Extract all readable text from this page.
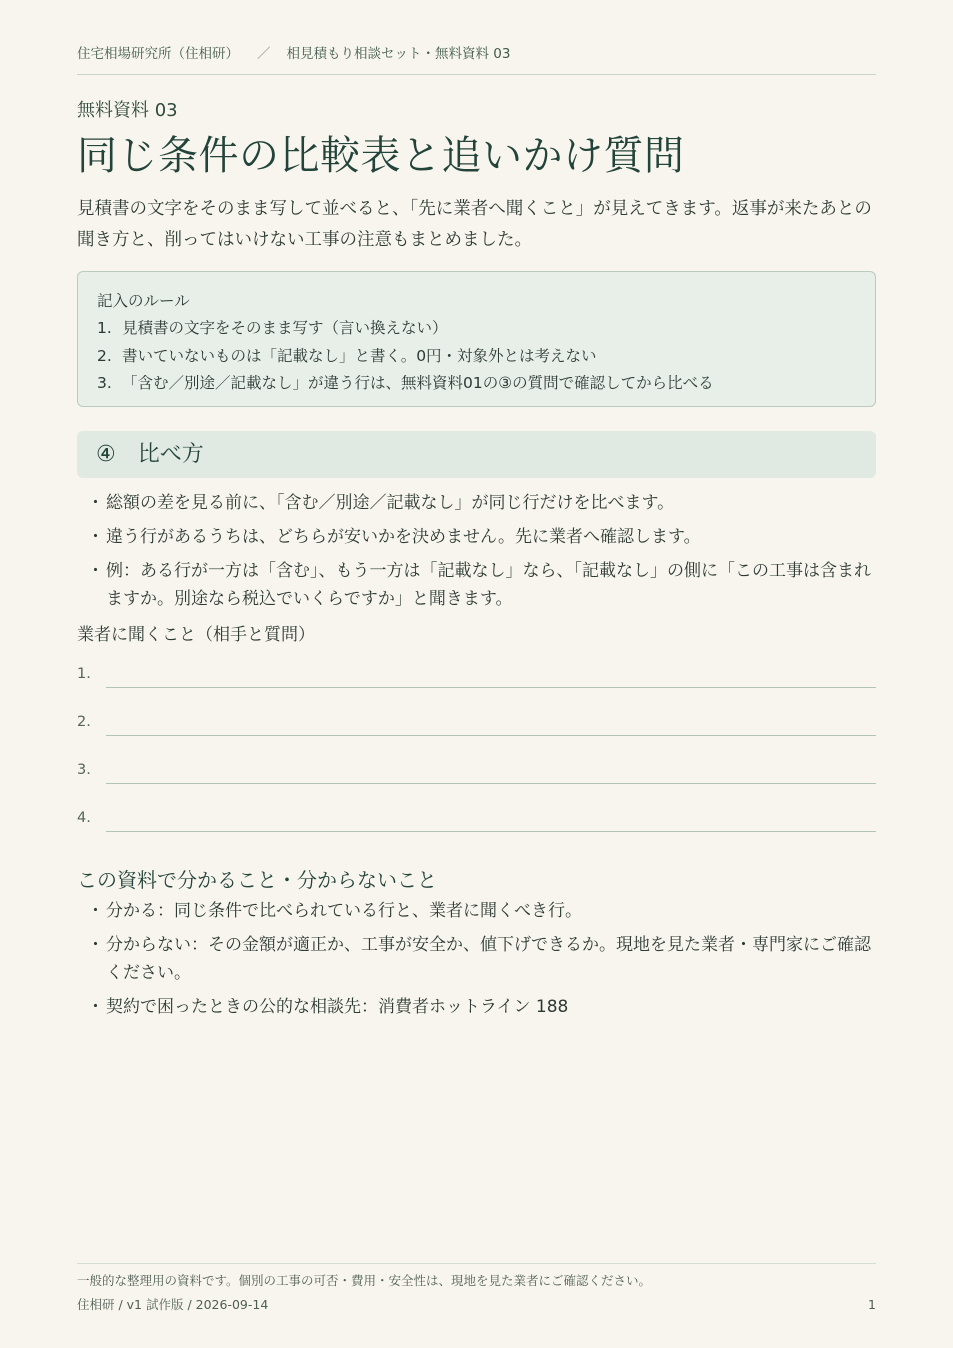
住宅相場研究所（住相研） ／ 相見積もり相談セット・無料資料 03
無料資料 03
同じ条件の比較表と追いかけ質問

見積書の文字をそのまま写して並べると、「先に業者へ聞くこと」が見えてきます。返事が来たあとの聞き方と、削ってはいけない工事の注意もまとめました。

記入のルール
1. 見積書の文字をそのまま写す（言い換えない）
2. 書いていないものは「記載なし」と書く。0円・対象外とは考えない
3. 「含む／別途／記載なし」が違う行は、無料資料01の③の質問で確認してから比べる
④ 比べ方
・ 総額の差を見る前に、「含む／別途／記載なし」が同じ行だけを比べます。
・ 違う行があるうちは、どちらが安いかを決めません。先に業者へ確認します。
・ 例：ある行が一方は「含む」、もう一方は「記載なし」なら、「記載なし」の側に「この工事は含まれますか。別途なら税込でいくらですか」と聞きます。
業者に聞くこと（相手と質問）
1.
2.
3.
4.
この資料で分かること・分からないこと
・ 分かる：同じ条件で比べられている行と、業者に聞くべき行。
・ 分からない：その金額が適正か、工事が安全か、値下げできるか。現地を見た業者・専門家にご確認ください。
・ 契約で困ったときの公的な相談先：消費者ホットライン 188
一般的な整理用の資料です。個別の工事の可否・費用・安全性は、現地を見た業者にご確認ください。
住相研 / v1 試作版 / 2026-09-14	1
